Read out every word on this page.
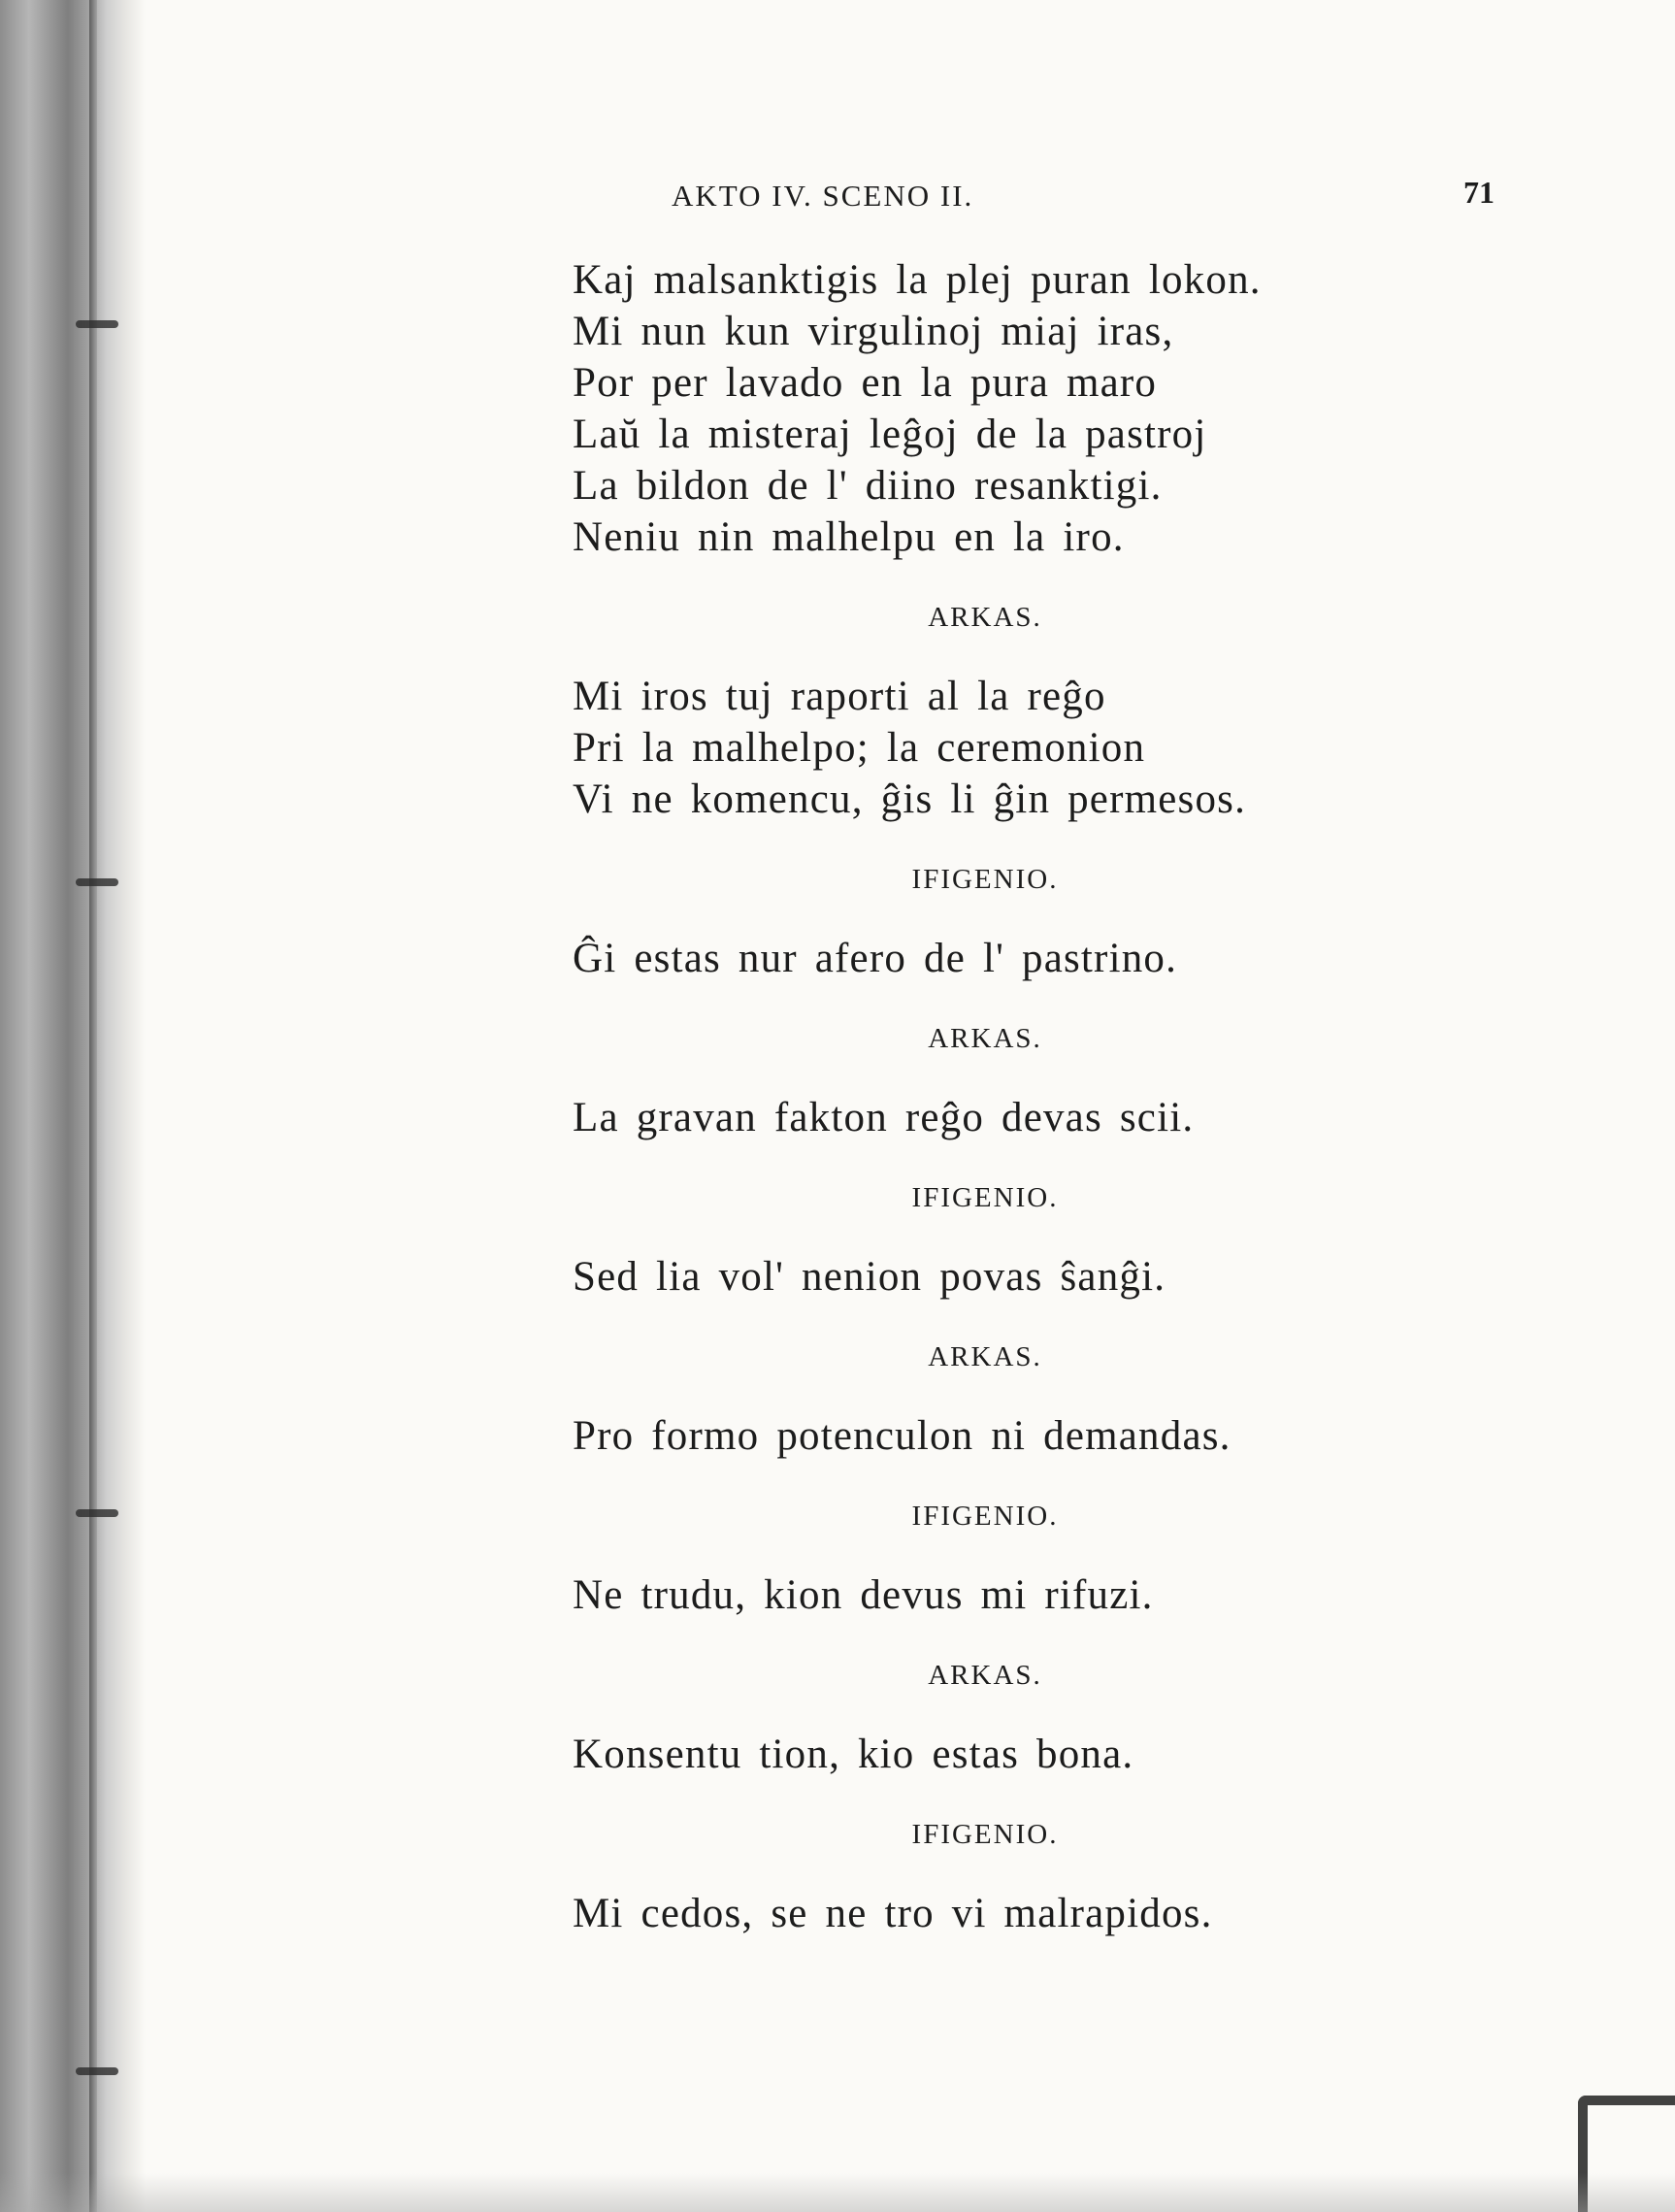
AKTO IV. SCENO II.	71
Kaj malsanktigis la plej puran lokon.
Mi nun kun virgulinoj miaj iras,
Por per lavado en la pura maro
Laŭ la misteraj leĝoj de la pastroj
La bildon de l' diino resanktigi.
Neniu nin malhelpu en la iro.
ARKAS.
Mi iros tuj raporti al la reĝo
Pri la malhelpo; la ceremonion
Vi ne komencu, ĝis li ĝin permesos.
IFIGENIO.
Ĝi estas nur afero de l' pastrino.
ARKAS.
La gravan fakton reĝo devas scii.
IFIGENIO.
Sed lia vol' nenion povas ŝanĝi.
ARKAS.
Pro formo potenculon ni demandas.
IFIGENIO.
Ne trudu, kion devus mi rifuzi.
ARKAS.
Konsentu tion, kio estas bona.
IFIGENIO.
Mi cedos, se ne tro vi malrapidos.
